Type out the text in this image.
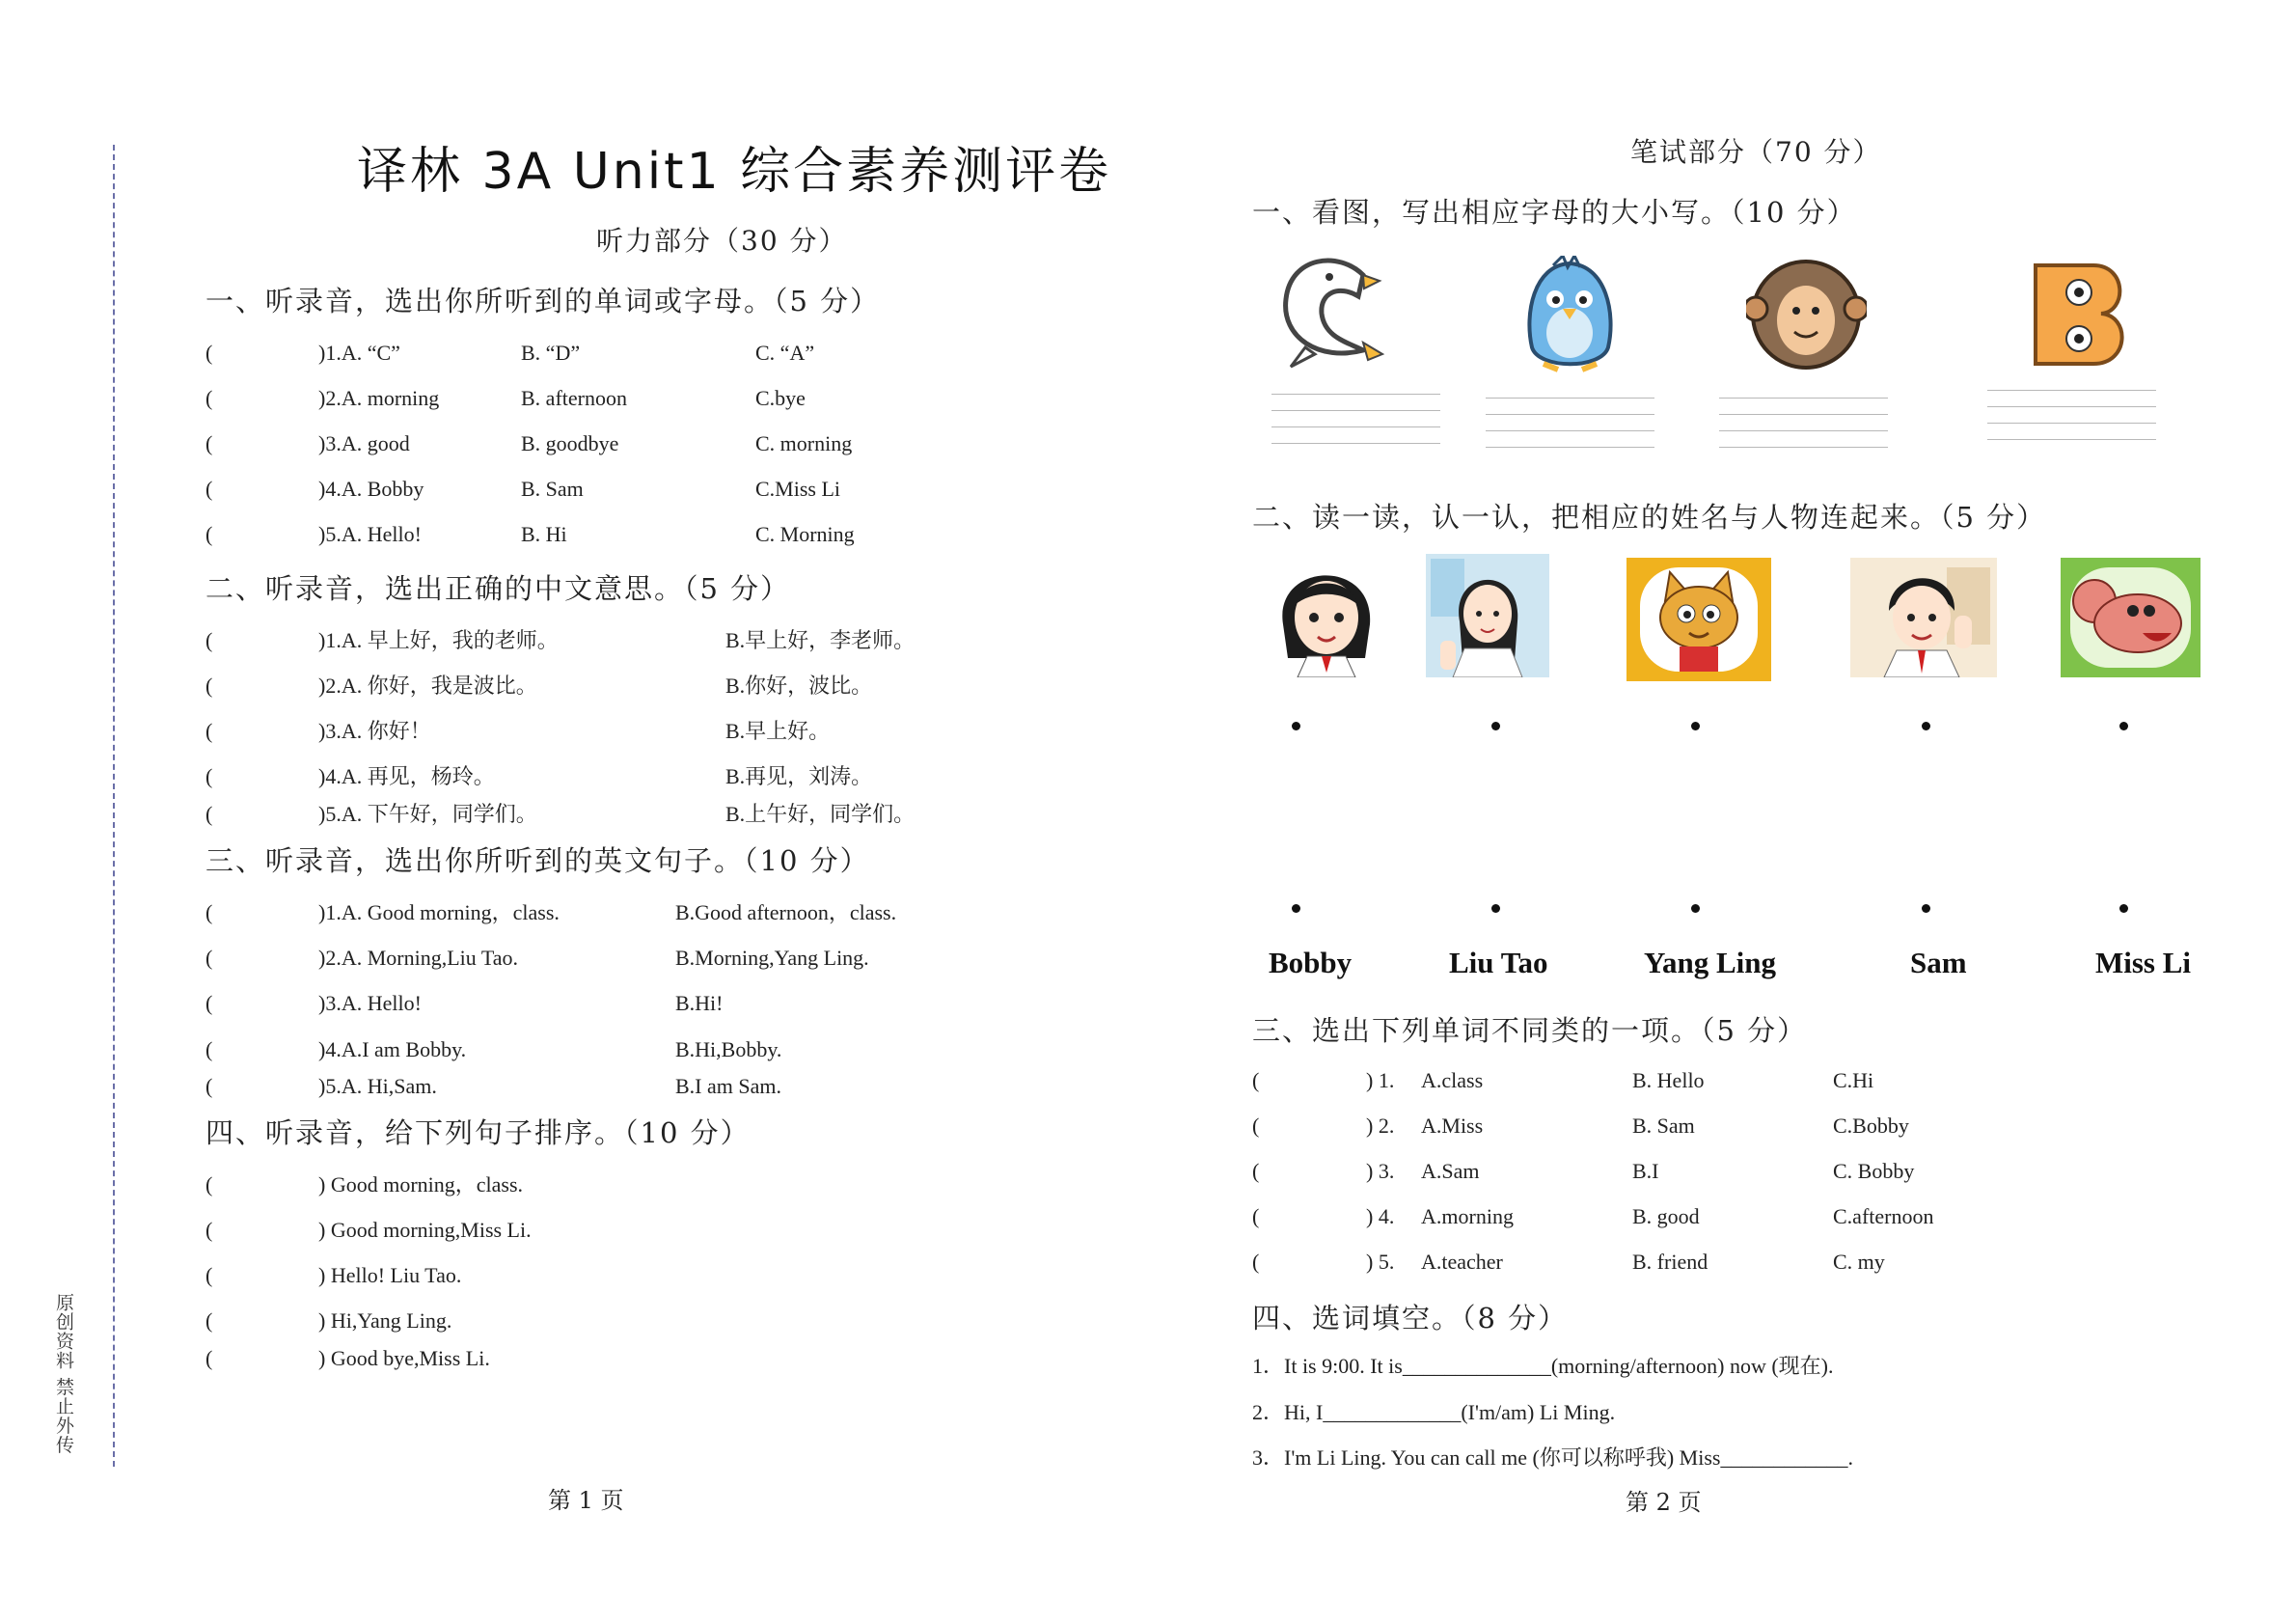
原创资料 禁止外传
译林 3A Unit1 综合素养测评卷
听力部分（30 分）
一、听录音，选出你所听到的单词或字母。（5 分）
(	)1.A. “C”	B. “D”	C. “A”
(	)2.A. morning	B. afternoon	C.bye
(	)3.A. good	B. goodbye	C. morning
(	)4.A. Bobby	B. Sam	C.Miss Li
(	)5.A. Hello!	B. Hi	C. Morning
二、听录音，选出正确的中文意思。（5 分）
(	)1.A. 早上好，我的老师。	B.早上好，李老师。
(	)2.A. 你好，我是波比。	B.你好，波比。
(	)3.A. 你好！	B.早上好。
(	)4.A. 再见，杨玲。	B.再见，刘涛。
(	)5.A. 下午好，同学们。	B.上午好，同学们。
三、听录音，选出你所听到的英文句子。（10 分）
(	)1.A. Good morning，class.	B.Good afternoon，class.
(	)2.A. Morning,Liu Tao.	B.Morning,Yang Ling.
(	)3.A. Hello!	B.Hi!
(	)4.A.I am Bobby.	B.Hi,Bobby.
(	)5.A. Hi,Sam.	B.I am Sam.
四、听录音，给下列句子排序。（10 分）
(	) Good morning，class.
(	) Good morning,Miss Li.
(	) Hello! Liu Tao.
(	) Hi,Yang Ling.
(	) Good bye,Miss Li.
第 1 页
笔试部分（70 分）
一、看图，写出相应字母的大小写。（10 分）
二、读一读，认一认，把相应的姓名与人物连起来。（5 分）
Bobby	Liu Tao	Yang Ling	Sam	Miss Li
三、选出下列单词不同类的一项。（5 分）
(	) 1. A.class	B. Hello	C.Hi
(	) 2. A.Miss	B. Sam	C.Bobby
(	) 3. A.Sam	B.I	C. Bobby
(	) 4. A.morning	B. good	C.afternoon
(	) 5. A.teacher	B. friend	C. my
四、选词填空。（8 分）
1．It is 9:00. It is______________(morning/afternoon) now (现在).
2．Hi, I_____________(I'm/am) Li Ming.
3．I'm Li Ling. You can call me (你可以称呼我) Miss____________.
第 2 页
